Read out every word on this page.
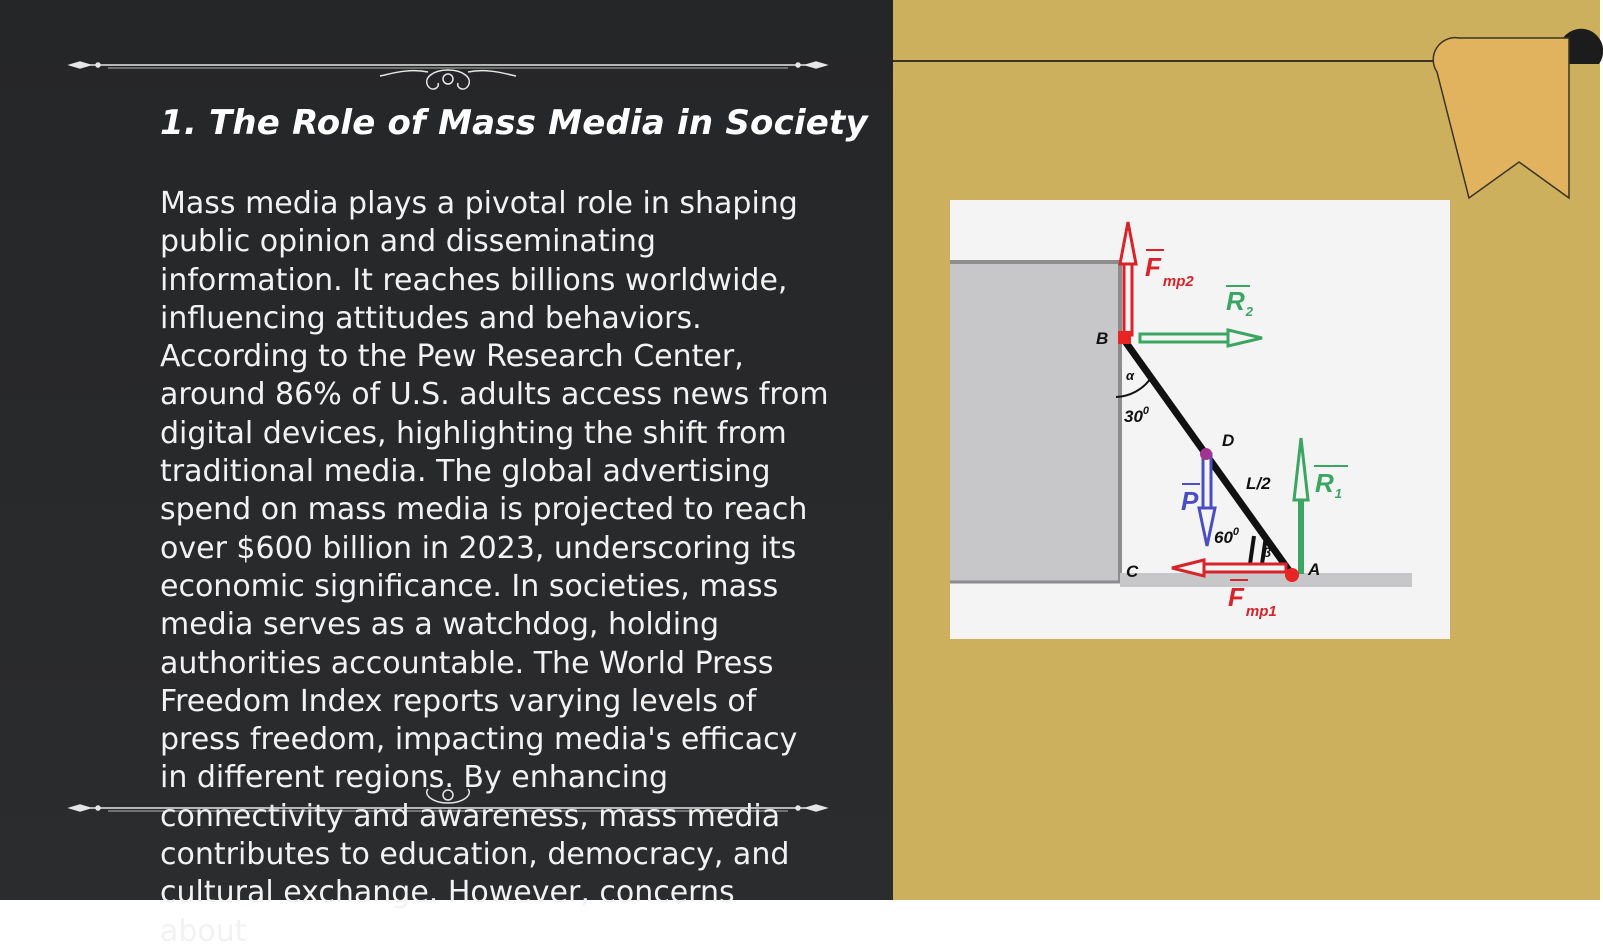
1. The Role of Mass Media in Society

Mass media plays a pivotal role in shaping public opinion and disseminating information. It reaches billions worldwide, influencing attitudes and behaviors. According to the Pew Research Center, around 86% of U.S. adults access news from digital devices, highlighting the shift from traditional media. The global advertising spend on mass media is projected to reach over $600 billion in 2023, underscoring its economic significance. In societies, mass media serves as a watchdog, holding authorities accountable. The World Press Freedom Index reports varying levels of press freedom, impacting media's efficacy in different regions. By enhancing connectivity and awareness, mass media contributes to education, democracy, and cultural exchange. However, concerns about

B
C
D
A
α
β
$30^0$
$60^0$
L/2
F $_{mp2}$
$R_2$
$R_1$
P
F $_{mp1}$
